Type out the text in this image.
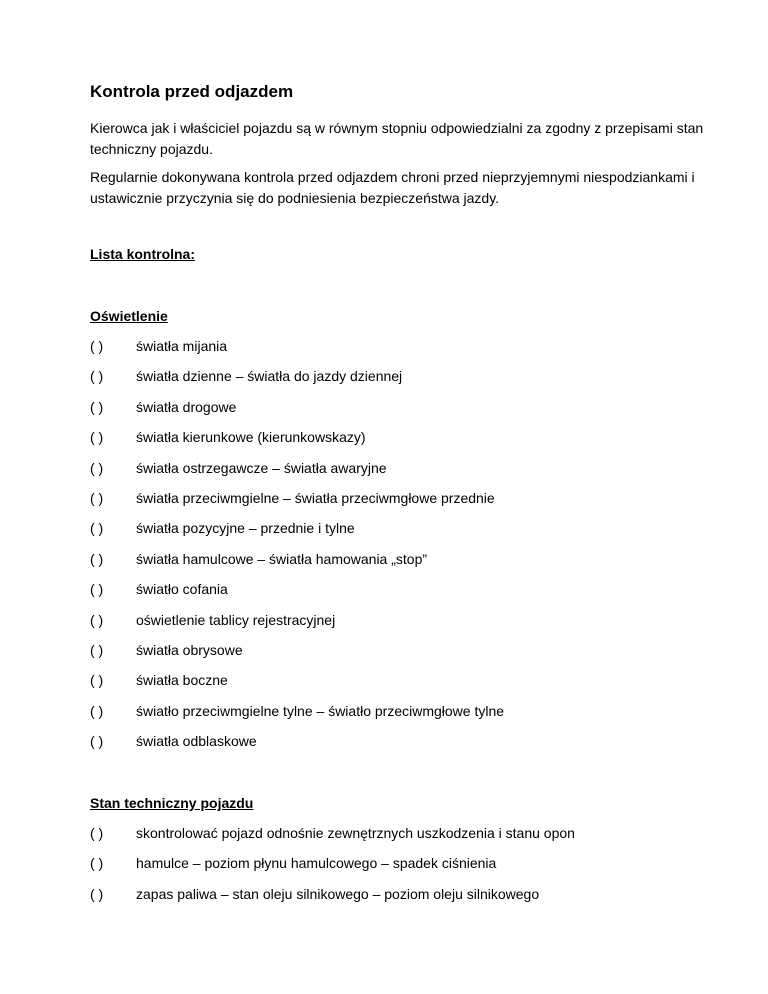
Kontrola przed odjazdem
Kierowca jak i właściciel pojazdu są w równym stopniu odpowiedzialni za zgodny z przepisami stan techniczny pojazdu.
Regularnie dokonywana kontrola przed odjazdem chroni przed nieprzyjemnymi niespodziankami i ustawicznie przyczynia się do podniesienia bezpieczeństwa jazdy.
Lista kontrolna:
Oświetlenie
( )	światła mijania
( )	światła dzienne – światła do jazdy dziennej
( )	światła drogowe
( )	światła kierunkowe (kierunkowskazy)
( )	światła ostrzegawcze – światła awaryjne
( )	światła przeciwmgielne – światła przeciwmgłowe przednie
( )	światła pozycyjne – przednie i tylne
( )	światła hamulcowe – światła hamowania „stop”
( )	światło cofania
( )	oświetlenie tablicy rejestracyjnej
( )	światła obrysowe
( )	światła boczne
( )	światło przeciwmgielne tylne – światło przeciwmgłowe tylne
( )	światła odblaskowe
Stan techniczny pojazdu
( )	skontrolować pojazd odnośnie zewnętrznych uszkodzenia i stanu opon
( )	hamulce – poziom płynu hamulcowego – spadek ciśnienia
( )	zapas paliwa – stan oleju silnikowego – poziom oleju silnikowego
